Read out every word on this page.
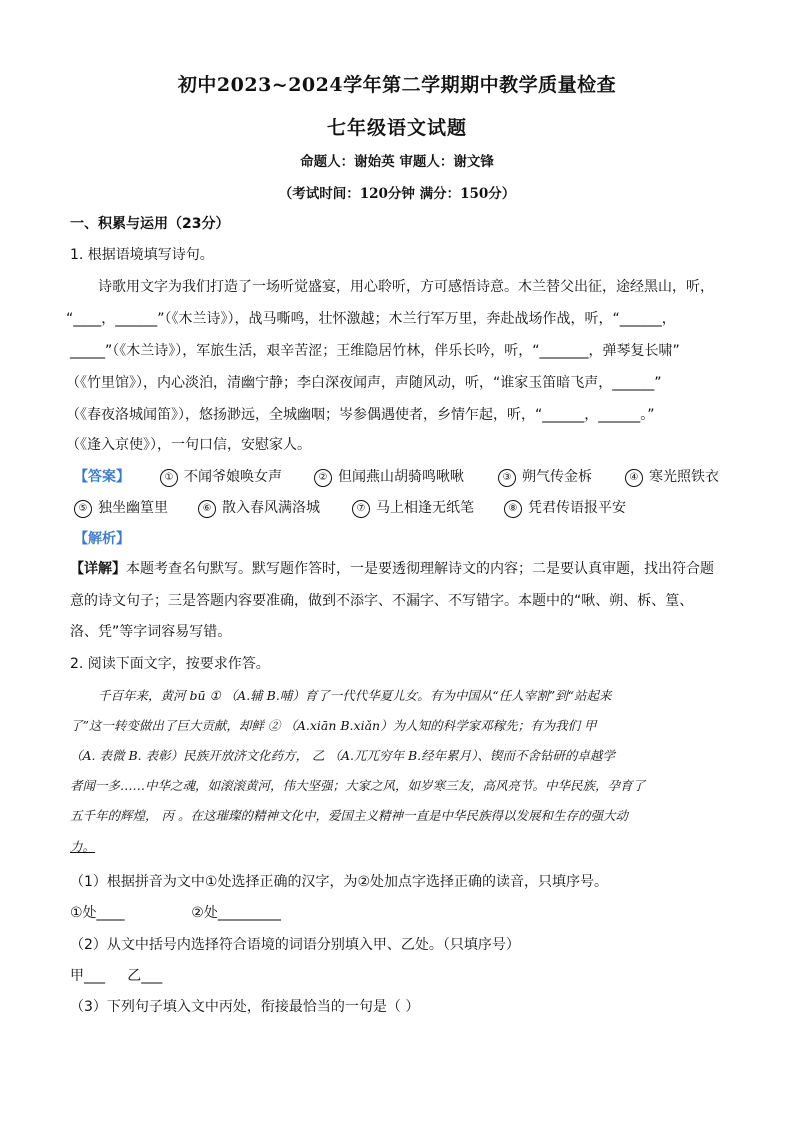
初中2023~2024学年第二学期期中教学质量检查
七年级语文试题
命题人：谢始英 审题人：谢文锋
（考试时间：120分钟 满分：150分）
一、积累与运用（23分）
1. 根据语境填写诗句。
诗歌用文字为我们打造了一场听觉盛宴，用心聆听，方可感悟诗意。木兰替父出征，途经黑山，听，
“____，______”（《木兰诗》），战马嘶鸣，壮怀激越；木兰行军万里，奔赴战场作战，听，“______，
_____”（《木兰诗》），军旅生活，艰辛苦涩；王维隐居竹林，伴乐长吟，听，“_______，弹琴复长啸”
（《竹里馆》），内心淡泊，清幽宁静；李白深夜闻声，声随风动，听，“谁家玉笛暗飞声，______”
（《春夜洛城闻笛》），悠扬渺远，全城幽咽；岑参偶遇使者，乡情乍起，听，“______，______。”
（《逢入京使》），一句口信，安慰家人。
【答案】	① 不闻爷娘唤女声	② 但闻燕山胡骑鸣啾啾	③ 朔气传金柝	④ 寒光照铁衣
⑤ 独坐幽篁里	⑥ 散入春风满洛城	⑦ 马上相逢无纸笔	⑧ 凭君传语报平安
【解析】
【详解】本题考查名句默写。默写题作答时，一是要透彻理解诗文的内容；二是要认真审题，找出符合题
意的诗文句子；三是答题内容要准确，做到不添字、不漏字、不写错字。本题中的“啾、朔、柝、篁、
洛、凭”等字词容易写错。
2. 阅读下面文字，按要求作答。
千百年来，黄河 bū ① （A.辅 B.哺）育了一代代华夏儿女。有为中国从“任人宰割”到“站起来
了”这一转变做出了巨大贡献，却鲜 ② （A.xiān B.xiǎn）为人知的科学家邓稼先；有为我们 甲
（A. 表微 B. 表彰）民族开放济文化药方， 乙 （A.兀兀穷年 B.经年累月）、锲而不舍钻研的卓越学
者闻一多……中华之魂，如滚滚黄河，伟大坚强；大家之风，如岁寒三友，高风亮节。中华民族，孕育了
五千年的辉煌， 丙 。在这璀璨的精神文化中，爱国主义精神一直是中华民族得以发展和生存的强大动
力。
（1）根据拼音为文中①处选择正确的汉字，为②处加点字选择正确的读音，只填序号。
①处____               ②处_________
（2）从文中括号内选择符合语境的词语分别填入甲、乙处。（只填序号）
甲___     乙___
（3）下列句子填入文中丙处，衔接最恰当的一句是（ ）
